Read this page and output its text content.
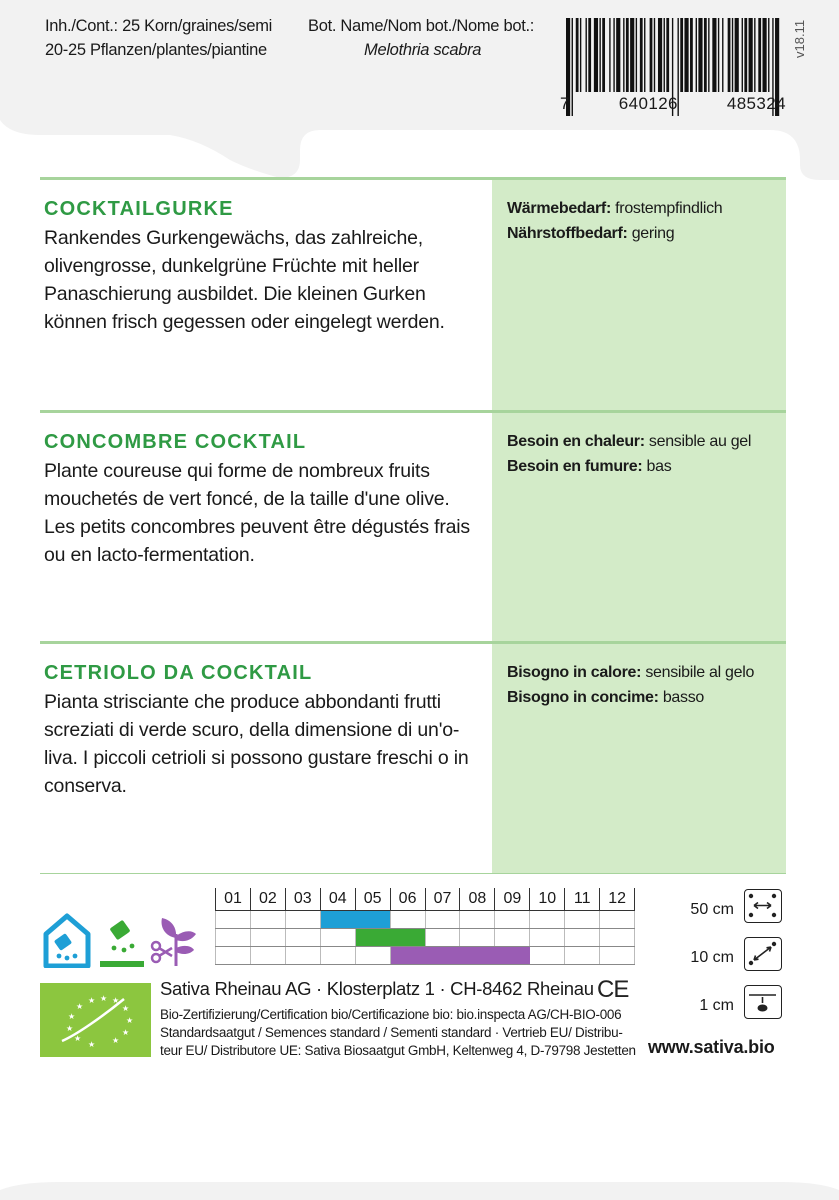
Inh./Cont.: 25 Korn/graines/semi
20-25 Pflanzen/plantes/piantine
Bot. Name/Nom bot./Nome bot.:
Melothria scabra
7	640126	485324
v18.11
COCKTAILGURKE
Rankendes Gurkengewächs, das zahlreiche, olivengrosse, dunkelgrüne Früchte mit heller Panaschierung ausbildet. Die kleinen Gurken können frisch gegessen oder eingelegt werden.
Wärmebedarf: frostempfindlich
Nährstoffbedarf: gering
CONCOMBRE COCKTAIL
Plante coureuse qui forme de nombreux fruits mouchetés de vert foncé, de la taille d'une olive. Les petits concombres peuvent être dégustés frais ou en lacto-fermentation.
Besoin en chaleur: sensible au gel
Besoin en fumure: bas
CETRIOLO DA COCKTAIL
Pianta strisciante che produce abbondanti frutti screziati di verde scuro, della dimensione di un'oliva. I piccoli cetrioli si possono gustare freschi o in conserva.
Bisogno in calore: sensibile al gelo
Bisogno in concime: basso
01	02	03	04	05	06	07	08	09	10	11	12
★ ★ ★
★	★
★	★
★	★
★	★
★
Sativa Rheinau AG · Klosterplatz 1 · CH-8462 Rheinau CE
Bio-Zertifizierung/Certification bio/Certificazione bio: bio.inspecta AG/CH-BIO-006
Standardsaatgut / Semences standard / Sementi standard · Vertrieb EU/ Distributeur EU/ Distributore UE: Sativa Biosaatgut GmbH, Keltenweg 4, D-79798 Jestetten
50 cm
10 cm
1 cm
www.sativa.bio
